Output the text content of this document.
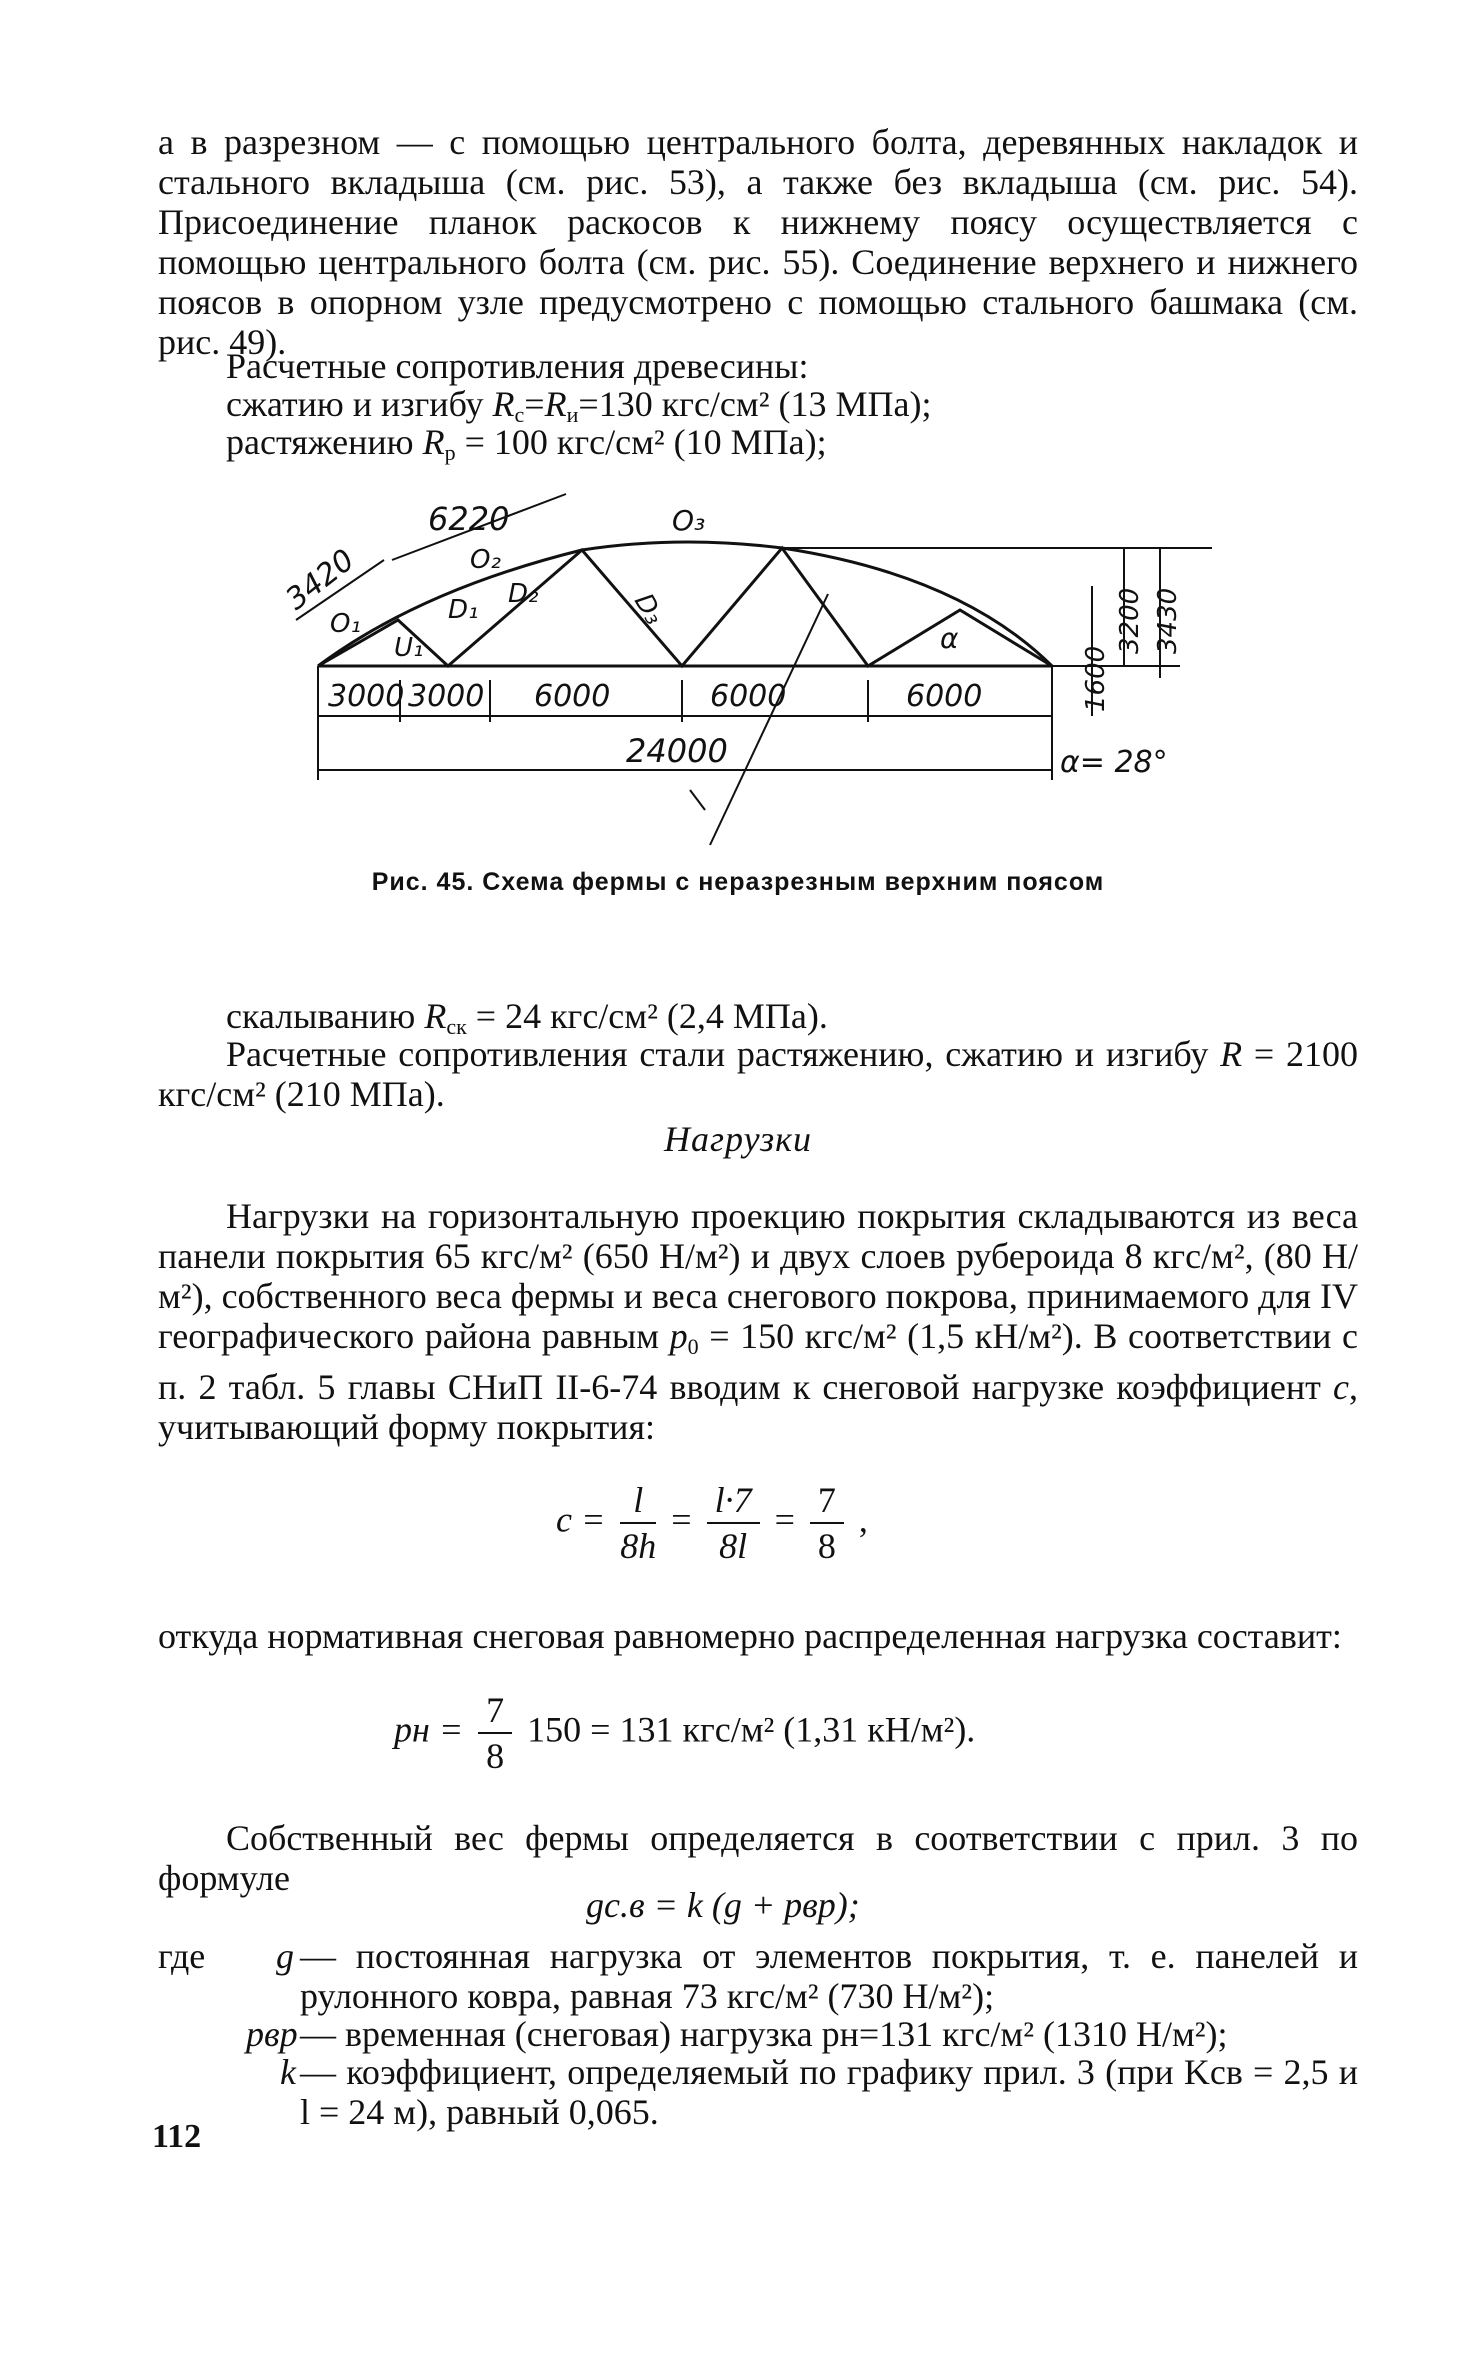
а в разрезном — с помощью центрального болта, деревянных накладок и стального вкладыша (см. рис. 53), а также без вкладыша (см. рис. 54). Присоединение планок раскосов к нижнему поясу осуществляется с помощью центрального болта (см. рис. 55). Соединение верхнего и нижнего поясов в опорном узле предусмотрено с помощью стального башмака (см. рис. 49).

Расчетные сопротивления древесины:
сжатию и изгибу $R_с=R_и=130$ кгс/см² (13 МПа);
растяжению $R_р = 100$ кгс/см² (10 МПа);
6220
3420
3000 3000 6000	6000	6000
24000
1600
3200 3430
O₁
O₂
O₃
U₁
D₁
D₂	D₃
α
α= 28°
Рис. 45. Схема фермы с неразрезным верхним поясом
скалыванию $R_{ск} = 24$ кгс/см² (2,4 МПа).

Расчетные сопротивления стали растяжению, сжатию и изгибу R = 2100 кгс/см² (210 МПа).

Нагрузки

Нагрузки на горизонтальную проекцию покрытия складываются из веса панели покрытия 65 кгс/м² (650 Н/м²) и двух слоев рубероида 8 кгс/м², (80 Н/м²), собственного веса фермы и веса снегового покрова, принимаемого для IV географического района равным $p_0 = 150$ кгс/м² (1,5 кН/м²). В соответствии с п. 2 табл. 5 главы СНиП II-6-74 вводим к снеговой нагрузке коэффициент c, учитывающий форму покрытия:

$c = \frac{l}{8h} = \frac{l\cdot 7}{8l} = \frac{7}{8}$ ,

откуда нормативная снеговая равномерно распределенная нагрузка составит:

pн = $\frac{7}{8} 150 = 131$ кгс/м² (1,31 кН/м²).

Собственный вес фермы определяется в соответствии с прил. 3 по формуле

gс.в = k (g + pвр);
где g — постоянная нагрузка от элементов покрытия, т. е. панелей и рулонного ковра, равная 73 кгс/м² (730 Н/м²);

pвр — временная (снеговая) нагрузка pн=131 кгс/м² (1310 Н/м²);

k — коэффициент, определяемый по графику прил. 3 (при Kсв = 2,5 и l = 24 м), равный 0,065.

112
